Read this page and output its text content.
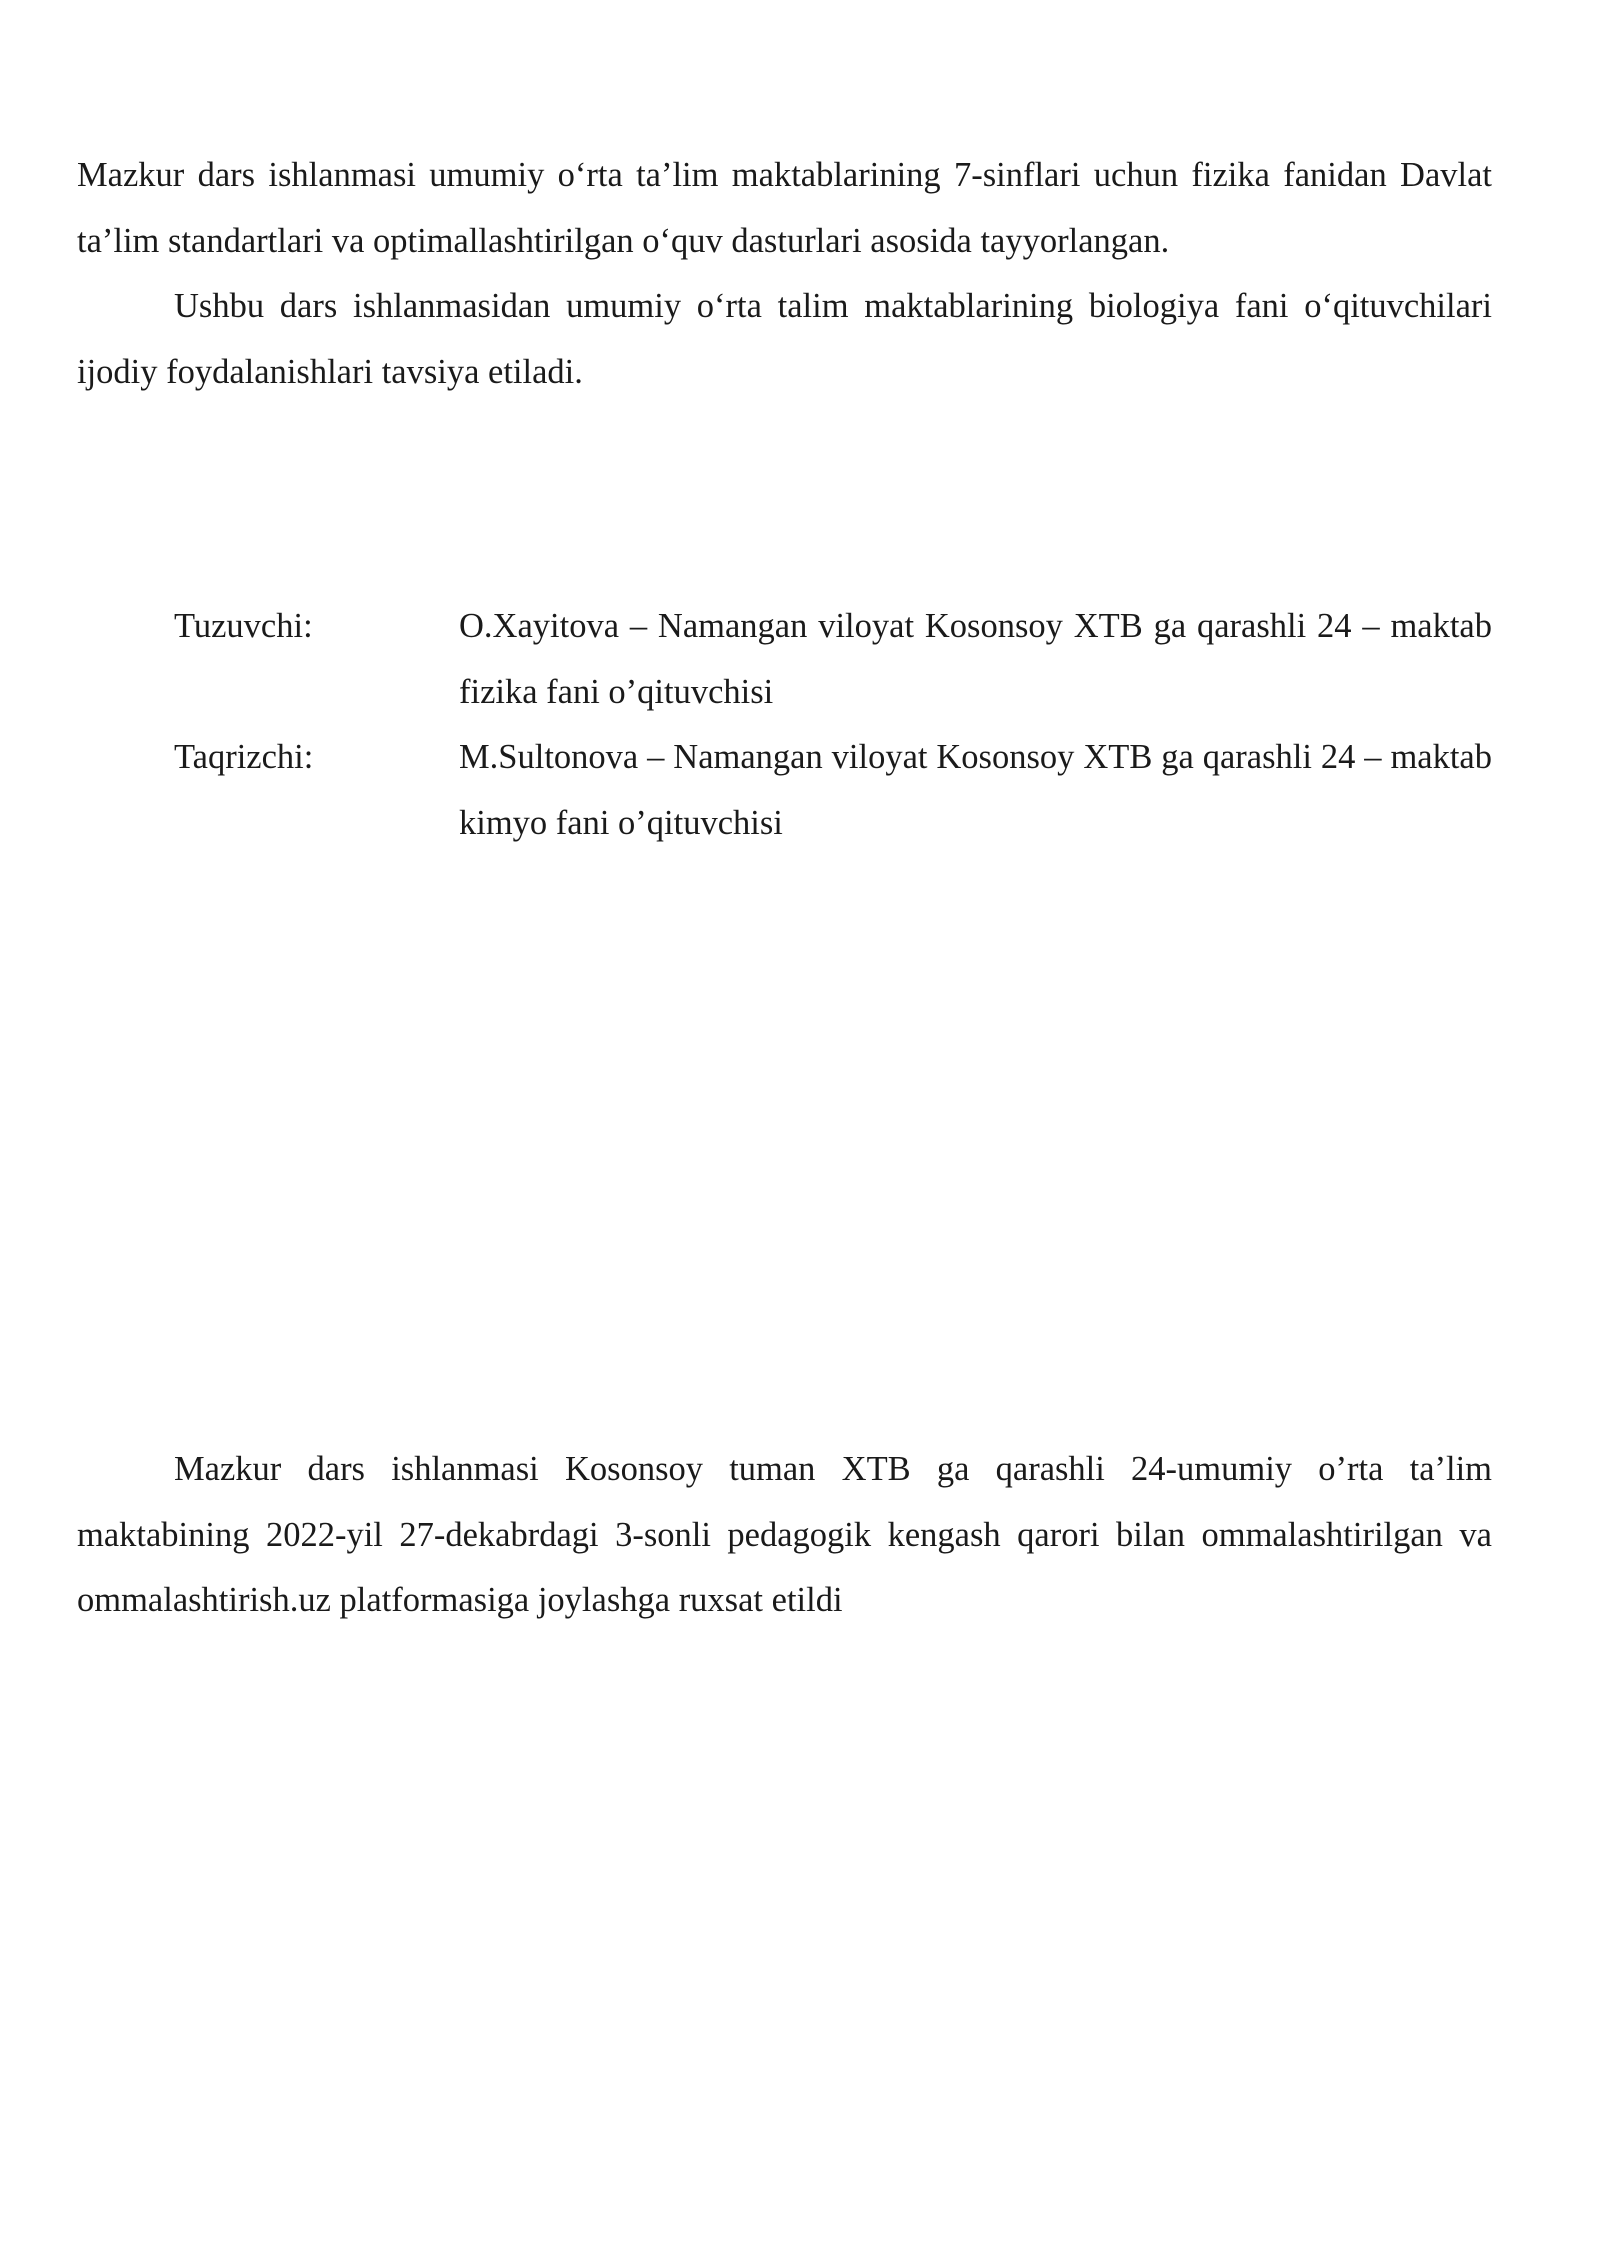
Mazkur dars ishlanmasi umumiy o‘rta ta’lim maktablarining 7-sinflari uchun fizika fanidan Davlat ta’lim standartlari va optimallashtirilgan o‘quv dasturlari asosida tayyorlangan.

Ushbu dars ishlanmasidan umumiy o‘rta talim maktablarining biologiya fani o‘qituvchilari ijodiy foydalanishlari tavsiya etiladi.

Tuzuvchi:	O.Xayitova – Namangan viloyat Kosonsoy XTB ga qarashli 24 – maktab fizika fani o’qituvchisi
Taqrizchi:	M.Sultonova – Namangan viloyat Kosonsoy XTB ga qarashli 24 – maktab kimyo fani o’qituvchisi

Mazkur dars ishlanmasi Kosonsoy tuman XTB ga qarashli 24-umumiy o’rta ta’lim maktabining 2022-yil 27-dekabrdagi 3-sonli pedagogik kengash qarori bilan ommalashtirilgan va ommalashtirish.uz platformasiga joylashga ruxsat etildi
